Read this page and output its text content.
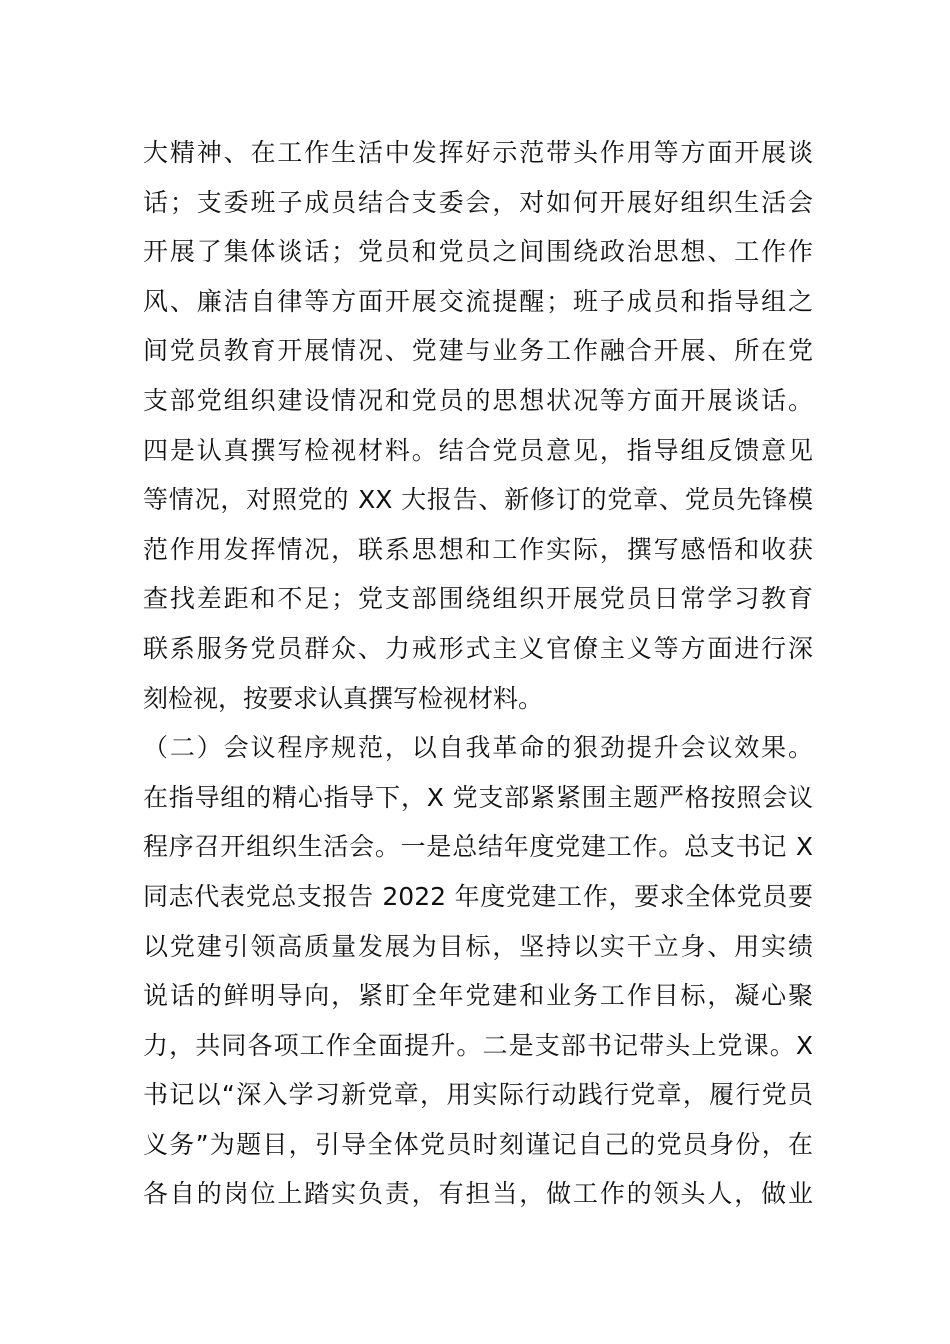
大精神、在工作生活中发挥好示范带头作用等方面开展谈
话；支委班子成员结合支委会，对如何开展好组织生活会
开展了集体谈话；党员和党员之间围绕政治思想、工作作
风、廉洁自律等方面开展交流提醒；班子成员和指导组之
间党员教育开展情况、党建与业务工作融合开展、所在党
支部党组织建设情况和党员的思想状况等方面开展谈话。
四是认真撰写检视材料。结合党员意见，指导组反馈意见
等情况，对照党的 XX 大报告、新修订的党章、党员先锋模
范作用发挥情况，联系思想和工作实际，撰写感悟和收获
查找差距和不足；党支部围绕组织开展党员日常学习教育
联系服务党员群众、力戒形式主义官僚主义等方面进行深
刻检视，按要求认真撰写检视材料。
（二）会议程序规范，以自我革命的狠劲提升会议效果。
在指导组的精心指导下，X 党支部紧紧围主题严格按照会议
程序召开组织生活会。一是总结年度党建工作。总支书记 X
同志代表党总支报告 2022 年度党建工作，要求全体党员要
以党建引领高质量发展为目标，坚持以实干立身、用实绩
说话的鲜明导向，紧盯全年党建和业务工作目标，凝心聚
力，共同各项工作全面提升。二是支部书记带头上党课。X
书记以“深入学习新党章，用实际行动践行党章，履行党员
义务”为题目，引导全体党员时刻谨记自己的党员身份，在
各自的岗位上踏实负责，有担当，做工作的领头人，做业
